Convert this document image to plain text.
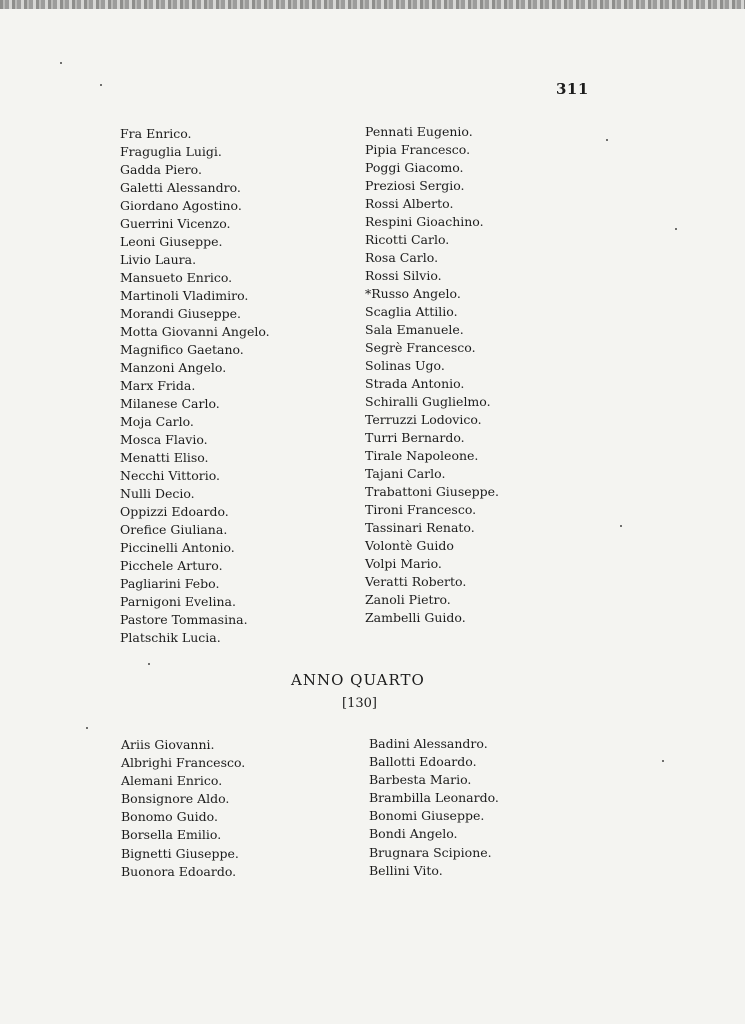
311
Fra Enrico.
Fraguglia Luigi.
Gadda Piero.
Galetti Alessandro.
Giordano Agostino.
Guerrini Vicenzo.
Leoni Giuseppe.
Livio Laura.
Mansueto Enrico.
Martinoli Vladimiro.
Morandi Giuseppe.
Motta Giovanni Angelo.
Magnifico Gaetano.
Manzoni Angelo.
Marx Frida.
Milanese Carlo.
Moja Carlo.
Mosca Flavio.
Menatti Eliso.
Necchi Vittorio.
Nulli Decio.
Oppizzi Edoardo.
Orefice Giuliana.
Piccinelli Antonio.
Picchele Arturo.
Pagliarini Febo.
Parnigoni Evelina.
Pastore Tommasina.
Platschik Lucia.
Pennati Eugenio.
Pipia Francesco.
Poggi Giacomo.
Preziosi Sergio.
Rossi Alberto.
Respini Gioachino.
Ricotti Carlo.
Rosa Carlo.
Rossi Silvio.
*Russo Angelo.
Scaglia Attilio.
Sala Emanuele.
Segrè Francesco.
Solinas Ugo.
Strada Antonio.
Schiralli Guglielmo.
Terruzzi Lodovico.
Turri Bernardo.
Tirale Napoleone.
Tajani Carlo.
Trabattoni Giuseppe.
Tironi Francesco.
Tassinari Renato.
Volontè Guido
Volpi Mario.
Veratti Roberto.
Zanoli Pietro.
Zambelli Guido.
ANNO QUARTO
[130]
Ariis Giovanni.
Albrighi Francesco.
Alemani Enrico.
Bonsignore Aldo.
Bonomo Guido.
Borsella Emilio.
Bignetti Giuseppe.
Buonora Edoardo.
Badini Alessandro.
Ballotti Edoardo.
Barbesta Mario.
Brambilla Leonardo.
Bonomi Giuseppe.
Bondi Angelo.
Brugnara Scipione.
Bellini Vito.
